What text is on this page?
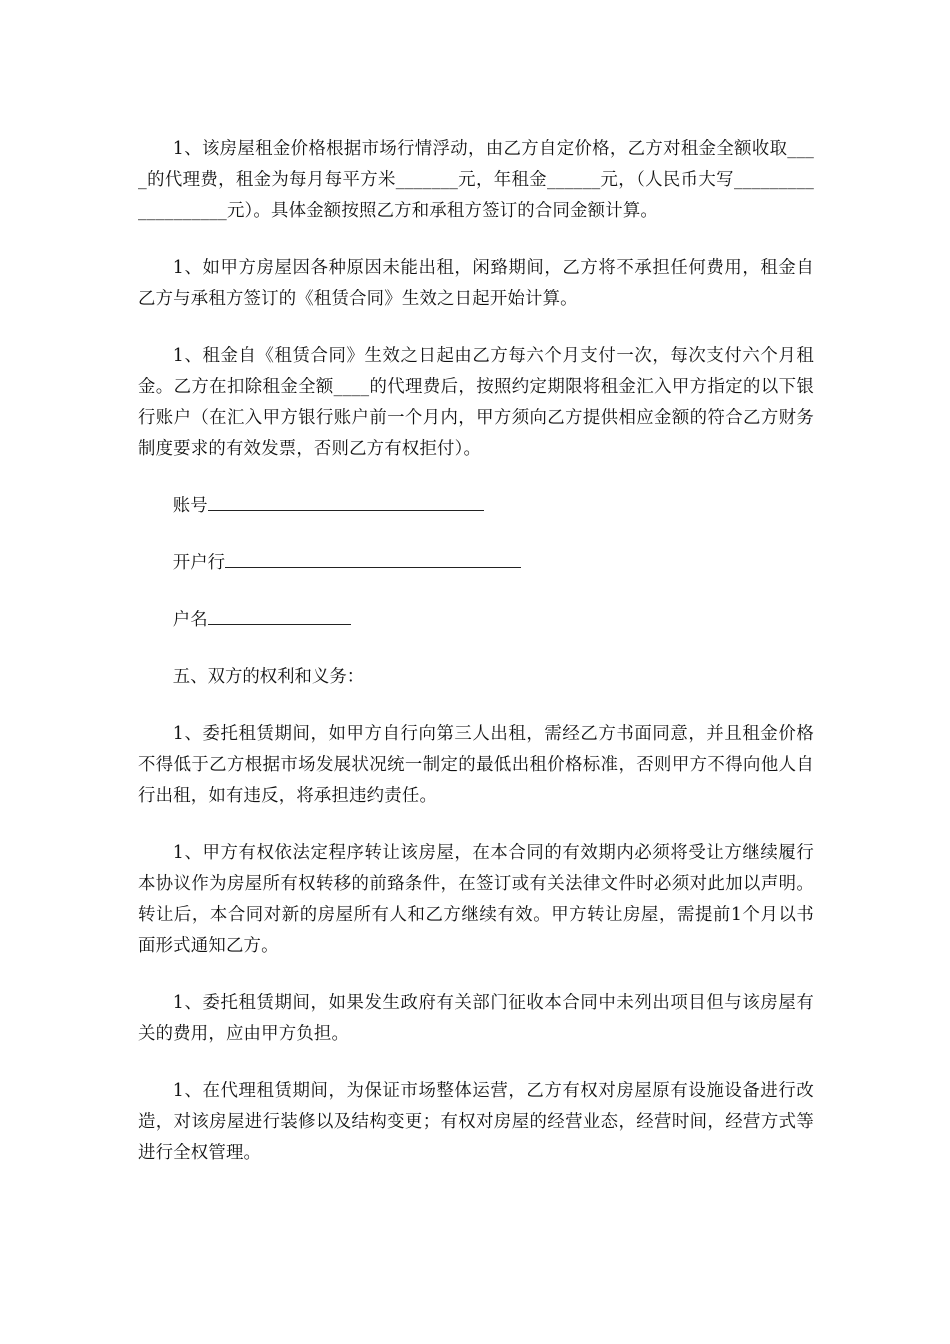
1、该房屋租金价格根据市场行情浮动，由乙方自定价格，乙方对租金全额收取____的代理费，租金为每月每平方米_______元，年租金______元，（人民币大写___________________元）。具体金额按照乙方和承租方签订的合同金额计算。

1、如甲方房屋因各种原因未能出租，闲臵期间，乙方将不承担任何费用，租金自乙方与承租方签订的《租赁合同》生效之日起开始计算。

1、租金自《租赁合同》生效之日起由乙方每六个月支付一次，每次支付六个月租金。乙方在扣除租金全额____的代理费后，按照约定期限将租金汇入甲方指定的以下银行账户（在汇入甲方银行账户前一个月内，甲方须向乙方提供相应金额的符合乙方财务制度要求的有效发票，否则乙方有权拒付）。

账号

开户行

户名

五、双方的权利和义务：

1、委托租赁期间，如甲方自行向第三人出租，需经乙方书面同意，并且租金价格不得低于乙方根据市场发展状况统一制定的最低出租价格标准，否则甲方不得向他人自行出租，如有违反，将承担违约责任。

1、甲方有权依法定程序转让该房屋，在本合同的有效期内必须将受让方继续履行本协议作为房屋所有权转移的前臵条件，在签订或有关法律文件时必须对此加以声明。转让后，本合同对新的房屋所有人和乙方继续有效。甲方转让房屋，需提前1个月以书面形式通知乙方。

1、委托租赁期间，如果发生政府有关部门征收本合同中未列出项目但与该房屋有关的费用，应由甲方负担。

1、在代理租赁期间，为保证市场整体运营，乙方有权对房屋原有设施设备进行改造，对该房屋进行装修以及结构变更；有权对房屋的经营业态，经营时间，经营方式等进行全权管理。
